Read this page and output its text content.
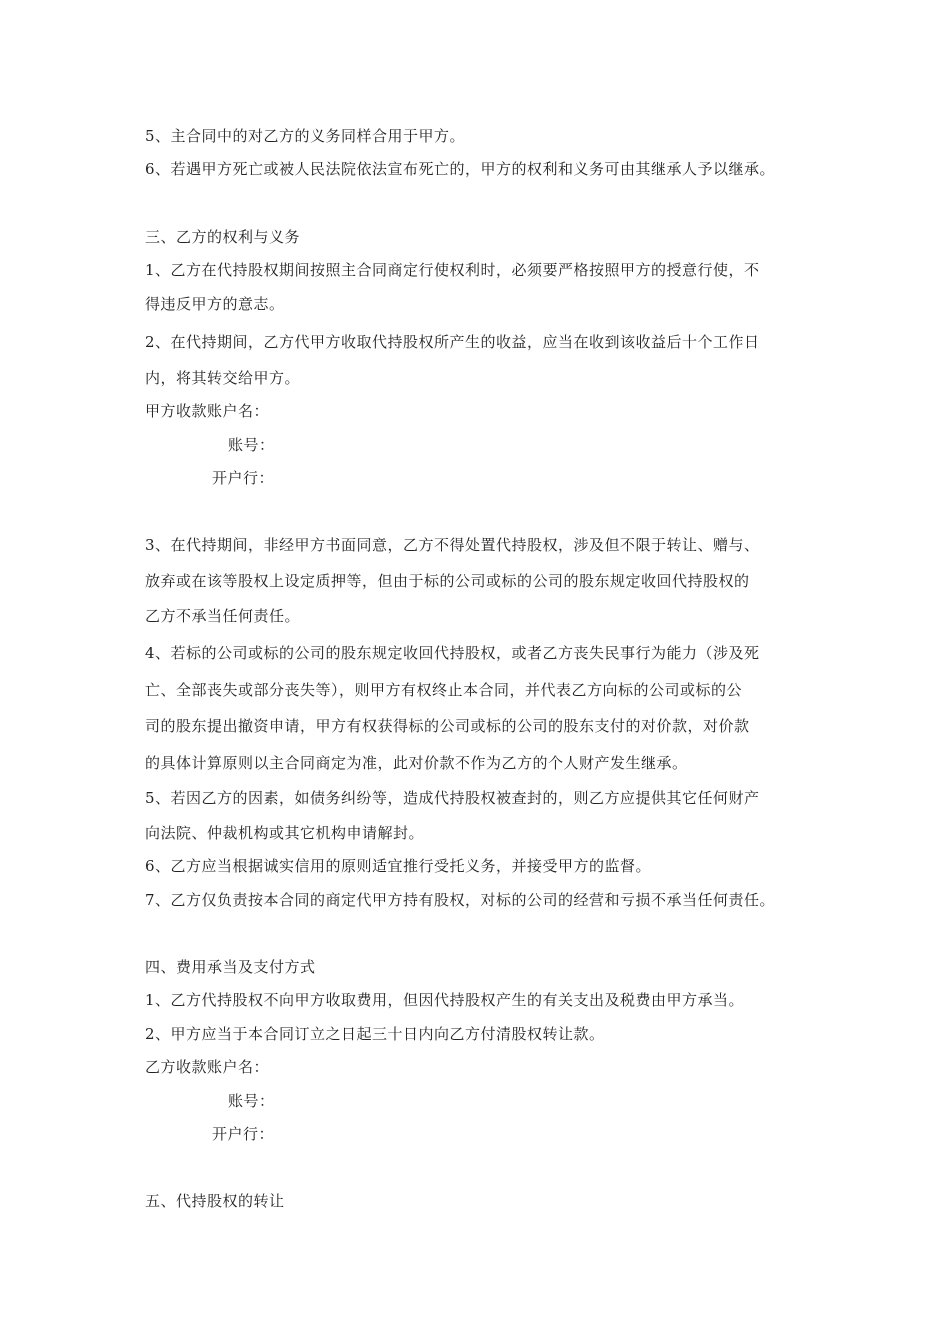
5、主合同中的对乙方的义务同样合用于甲方。
6、若遇甲方死亡或被人民法院依法宣布死亡的，甲方的权利和义务可由其继承人予以继承。
三、乙方的权利与义务
1、乙方在代持股权期间按照主合同商定行使权利时，必须要严格按照甲方的授意行使，不
得违反甲方的意志。
2、在代持期间，乙方代甲方收取代持股权所产生的收益，应当在收到该收益后十个工作日
内，将其转交给甲方。
甲方收款账户名：
账号：
开户行：
3、在代持期间，非经甲方书面同意，乙方不得处置代持股权，涉及但不限于转让、赠与、
放弃或在该等股权上设定质押等，但由于标的公司或标的公司的股东规定收回代持股权的
乙方不承当任何责任。
4、若标的公司或标的公司的股东规定收回代持股权，或者乙方丧失民事行为能力（涉及死
亡、全部丧失或部分丧失等），则甲方有权终止本合同，并代表乙方向标的公司或标的公
司的股东提出撤资申请，甲方有权获得标的公司或标的公司的股东支付的对价款，对价款
的具体计算原则以主合同商定为准，此对价款不作为乙方的个人财产发生继承。
5、若因乙方的因素，如债务纠纷等，造成代持股权被查封的，则乙方应提供其它任何财产
向法院、仲裁机构或其它机构申请解封。
6、乙方应当根据诚实信用的原则适宜推行受托义务，并接受甲方的监督。
7、乙方仅负责按本合同的商定代甲方持有股权，对标的公司的经营和亏损不承当任何责任。
四、费用承当及支付方式
1、乙方代持股权不向甲方收取费用，但因代持股权产生的有关支出及税费由甲方承当。
2、甲方应当于本合同订立之日起三十日内向乙方付清股权转让款。
乙方收款账户名：
账号：
开户行：
五、代持股权的转让
